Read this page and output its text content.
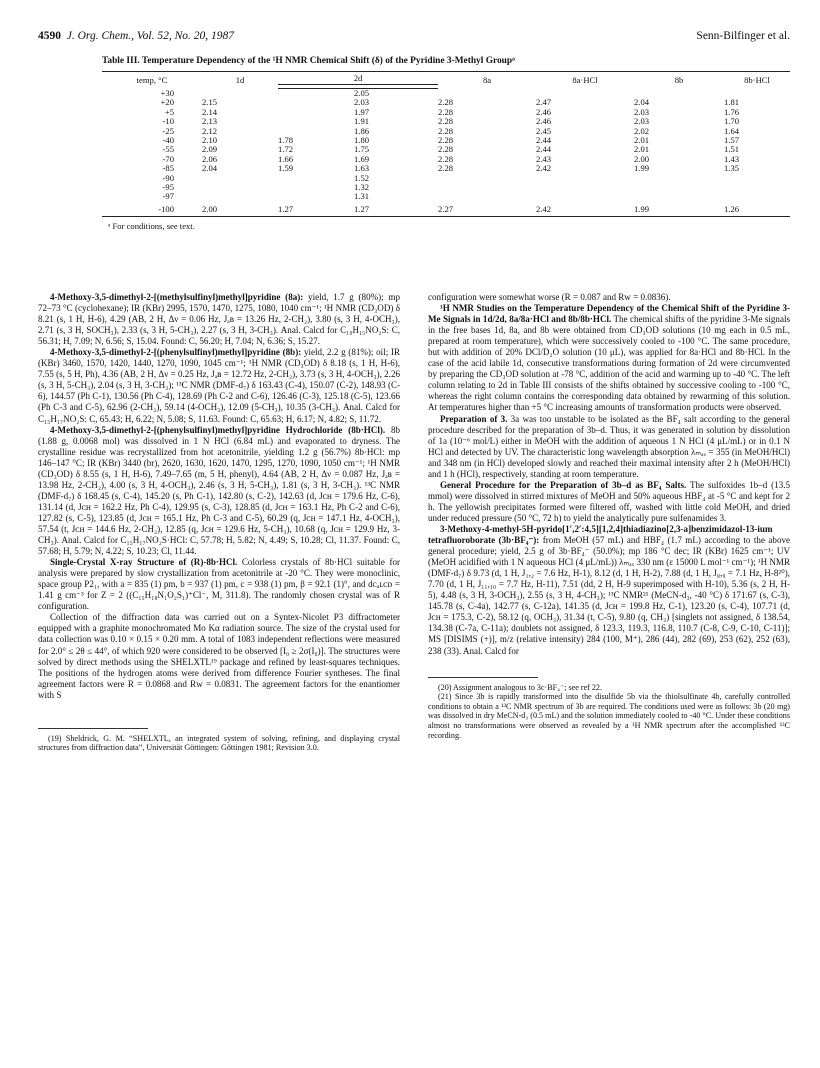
4590 J. Org. Chem., Vol. 52, No. 20, 1987	Senn-Bilfinger et al.
Table III. Temperature Dependency of the ¹H NMR Chemical Shift (δ) of the Pyridine 3-Methyl Groupᵃ
temp, °C	1d	2d		8a	8a·HCl	8b	8b·HCl

+30			2.05				
+20	2.15		2.03	2.28	2.47	2.04	1.81
+5	2.14		1.97	2.28	2.46	2.03	1.76
-10	2.13		1.91	2.28	2.46	2.03	1.70
-25	2.12		1.86	2.28	2.45	2.02	1.64
-40	2.10	1.78	1.80	2.28	2.44	2.01	1.57
-55	2.09	1.72	1.75	2.28	2.44	2.01	1.51
-70	2.06	1.66	1.69	2.28	2.43	2.00	1.43
-85	2.04	1.59	1.63	2.28	2.42	1.99	1.35
-90			1.52				
-95			1.32				
-97			1.31				
-100	2.00	1.27	1.27	2.27	2.42	1.99	1.26
ᵃ For conditions, see text.

4-Methoxy-3,5-dimethyl-2-[(methylsulfinyl)methyl]pyridine (8a): yield, 1.7 g (80%); mp 72–73 °C (cyclohexane); IR (KBr) 2995, 1570, 1470, 1275, 1080, 1040 cm⁻¹; ¹H NMR (CD₃OD) δ 8.21 (s, 1 H, H-6), 4.29 (AB, 2 H, Δν = 0.06 Hz, Jₐʙ = 13.26 Hz, 2-CH₂), 3.80 (s, 3 H, 4-OCH₃), 2.71 (s, 3 H, SOCH₃), 2.33 (s, 3 H, 5-CH₃), 2.27 (s, 3 H, 3-CH₃). Anal. Calcd for C₁₀H₁₅NO₂S: C, 56.31; H, 7.09; N, 6.56; S, 15.04. Found: C, 56.20; H, 7.04; N, 6.36; S, 15.27.

4-Methoxy-3,5-dimethyl-2-[(phenylsulfinyl)methyl]pyridine (8b): yield, 2.2 g (81%); oil; IR (KBr) 3460, 1570, 1420, 1440, 1270, 1090, 1045 cm⁻¹; ¹H NMR (CD₃OD) δ 8.18 (s, 1 H, H-6), 7.55 (s, 5 H, Ph), 4.36 (AB, 2 H, Δν = 0.25 Hz, Jₐʙ = 12.72 Hz, 2-CH₂), 3.73 (s, 3 H, 4-OCH₃), 2.26 (s, 3 H, 5-CH₃), 2.04 (s, 3 H, 3-CH₃); ¹³C NMR (DMF-d₇) δ 163.43 (C-4), 150.07 (C-2), 148.93 (C-6), 144.57 (Ph C-1), 130.56 (Ph C-4), 128.69 (Ph C-2 and C-6), 126.46 (C-3), 125.18 (C-5), 123.66 (Ph C-3 and C-5), 62.96 (2-CH₂), 59.14 (4-OCH₃), 12.09 (5-CH₃), 10.35 (3-CH₃). Anal. Calcd for C₁₅H₁₇NO₂S: C, 65.43; H, 6.22; N, 5.08; S, 11.63. Found: C, 65.63; H, 6.17; N, 4.82; S, 11.72.

4-Methoxy-3,5-dimethyl-2-[(phenylsulfinyl)methyl]pyridine Hydrochloride (8b·HCl). 8b (1.88 g, 0.0068 mol) was dissolved in 1 N HCl (6.84 mL) and evaporated to dryness. The crystalline residue was recrystallized from hot acetonitrile, yielding 1.2 g (56.7%) 8b·HCl: mp 146–147 °C; IR (KBr) 3440 (br), 2620, 1630, 1620, 1470, 1295, 1270, 1090, 1050 cm⁻¹; ¹H NMR (CD₃OD) δ 8.55 (s, 1 H, H-6), 7.49–7.65 (m, 5 H, phenyl), 4.64 (AB, 2 H, Δν = 0.087 Hz, Jₐʙ = 13.98 Hz, 2-CH₂), 4.00 (s, 3 H, 4-OCH₃), 2.46 (s, 3 H, 5-CH₃), 1.81 (s, 3 H, 3-CH₃). ¹³C NMR (DMF-d₇) δ 168.45 (s, C-4), 145.20 (s, Ph C-1), 142.80 (s, C-2), 142.63 (d, Jᴄʜ = 179.6 Hz, C-6), 131.14 (d, Jᴄʜ = 162.2 Hz, Ph C-4), 129.95 (s, C-3), 128.85 (d, Jᴄʜ = 163.1 Hz, Ph C-2 and C-6), 127.82 (s, C-5), 123.85 (d, Jᴄʜ = 165.1 Hz, Ph C-3 and C-5), 60.29 (q, Jᴄʜ = 147.1 Hz, 4-OCH₃), 57.54 (t, Jᴄʜ = 144.6 Hz, 2-CH₂), 12.85 (q, Jᴄʜ = 129.6 Hz, 5-CH₃), 10.68 (q, Jᴄʜ = 129.9 Hz, 3-CH₃). Anal. Calcd for C₁₅H₁₇NO₂S·HCl: C, 57.78; H, 5.82; N, 4.49; S, 10.28; Cl, 11.37. Found: C, 57.68; H, 5.79; N, 4.22; S, 10.23; Cl, 11.44.

Single-Crystal X-ray Structure of (R)-8b·HCl. Colorless crystals of 8b·HCl suitable for analysis were prepared by slow crystallization from acetonitrile at -20 °C. They were monoclinic, space group P2₁, with a = 835 (1) pm, b = 937 (1) pm, c = 938 (1) pm, β = 92.1 (1)°, and dᴄₐʟᴄᴅ = 1.41 g cm⁻³ for Z = 2 ((C₁₅H₁₈N₁O₂S₁)⁺Cl⁻, M, 311.8). The randomly chosen crystal was of R configuration.

Collection of the diffraction data was carried out on a Syntex-Nicolet P3 diffractometer equipped with a graphite monochromated Mo Kα radiation source. The size of the crystal used for data collection was 0.10 × 0.15 × 0.20 mm. A total of 1083 independent reflections were measured for 2.0° ≤ 2θ ≤ 44°, of which 920 were considered to be observed [I₀ ≥ 2σ(I₀)]. The structures were solved by direct methods using the SHELXTL¹⁹ package and refined by least-squares techniques. The positions of the hydrogen atoms were derived from difference Fourier syntheses. The final agreement factors were R = 0.0868 and Rᴡ = 0.0831. The agreement factors for the enantiomer with S

(19) Sheldrick, G. M. “SHELXTL, an integrated system of solving, refining, and displaying crystal structures from diffraction data”, Universität Göttingen: Göttingen 1981; Revision 3.0.

configuration were somewhat worse (R = 0.087 and Rᴡ = 0.0836).

¹H NMR Studies on the Temperature Dependency of the Chemical Shift of the Pyridine 3-Me Signals in 1d/2d, 8a/8a·HCl and 8b/8b·HCl. The chemical shifts of the pyridine 3-Me signals in the free bases 1d, 8a, and 8b were obtained from CD₃OD solutions (10 mg each in 0.5 mL, prepared at room temperature), which were successively cooled to -100 °C. The same procedure, but with addition of 20% DCl/D₂O solution (10 μL), was applied for 8a·HCl and 8b·HCl. In the case of the acid labile 1d, consecutive transformations during formation of 2d were circumvented by preparing the CD₃OD solution at -78 °C, addition of the acid and warming up to -40 °C. The left column relating to 2d in Table III consists of the shifts obtained by successive cooling to -100 °C, whereas the right column contains the corresponding data obtained by rewarming of this solution. At temperatures higher than +5 °C increasing amounts of transformation products were observed.

Preparation of 3. 3a was too unstable to be isolated as the BF₄ salt according to the general procedure described for the preparation of 3b–d. Thus, it was generated in solution by dissolution of 1a (10⁻⁶ mol/L) either in MeOH with the addition of aqueous 1 N HCl (4 μL/mL) or in 0.1 N HCl and detected by UV. The characteristic long wavelength absorption λₘₐₓ = 355 (in MeOH/HCl) and 348 nm (in HCl) developed slowly and reached their maximal intensity after 2 h (MeOH/HCl) and 1 h (HCl), respectively, standing at room temperature.

General Procedure for the Preparation of 3b–d as BF₄ Salts. The sulfoxides 1b–d (13.5 mmol) were dissolved in stirred mixtures of MeOH and 50% aqueous HBF₄ at -5 °C and kept for 2 h. The yellowish precipitates formed were filtered off, washed with little cold MeOH, and dried under reduced pressure (50 °C, 72 h) to yield the analytically pure sulfenamides 3.

3-Methoxy-4-methyl-5H-pyrido[1′,2′:4,5][1,2,4]thiadiazino[2,3-a]benzimidazol-13-ium tetrafluoroborate (3b·BF₄⁻): from MeOH (57 mL) and HBF₄ (1.7 mL) according to the above general procedure; yield, 2.5 g of 3b·BF₄⁻ (50.0%); mp 186 °C dec; IR (KBr) 1625 cm⁻¹; UV (MeOH acidified with 1 N aqueous HCl (4 μL/mL)) λₘₐₓ 330 nm (ε 15000 L mol⁻¹ cm⁻¹); ¹H NMR (DMF-d₇) δ 9.73 (d, 1 H, J₁,₂ = 7.6 Hz, H-1), 8.12 (d, 1 H, H-2), 7.88 (d, 1 H, J₈,₉ = 7.1 Hz, H-8²⁰), 7.70 (d, 1 H, J₁₁,₁₀ = 7.7 Hz, H-11), 7.51 (dd, 2 H, H-9 superimposed with H-10), 5.36 (s, 2 H, H-5), 4.48 (s, 3 H, 3-OCH₃), 2.55 (s, 3 H, 4-CH₃); ¹³C NMR²¹ (MeCN-d₃, -40 °C) δ 171.67 (s, C-3), 145.78 (s, C-4a), 142.77 (s, C-12a), 141.35 (d, Jᴄʜ = 199.8 Hz, C-1), 123.20 (s, C-4), 107.71 (d, Jᴄʜ = 175.3, C-2), 58.12 (q, OCH₃), 31.34 (t, C-5), 9.80 (q, CH₃) [singlets not assigned, δ 138.54, 134.38 (C-7a, C-11a); doublets not assigned, δ 123.3, 119.3, 116.8, 110.7 (C-8, C-9, C-10, C-11)]; MS [DISIMS (+)], m/z (relative intensity) 284 (100, M⁺), 286 (44), 282 (69), 253 (62), 252 (63), 238 (33). Anal. Calcd for

(20) Assignment analogous to 3c·BF₄⁻; see ref 22.

(21) Since 3b is rapidly transformed into the disulfide 5b via the thiolsulfinate 4b, carefully controlled conditions to obtain a ¹³C NMR spectrum of 3b are required. The conditions used were as follows: 3b (20 mg) was dissolved in dry MeCN-d₃ (0.5 mL) and the solution immediately cooled to -40 °C. Under these conditions almost no transformations were observed as revealed by a ¹H NMR spectrum after the accomplished ¹³C recording.
